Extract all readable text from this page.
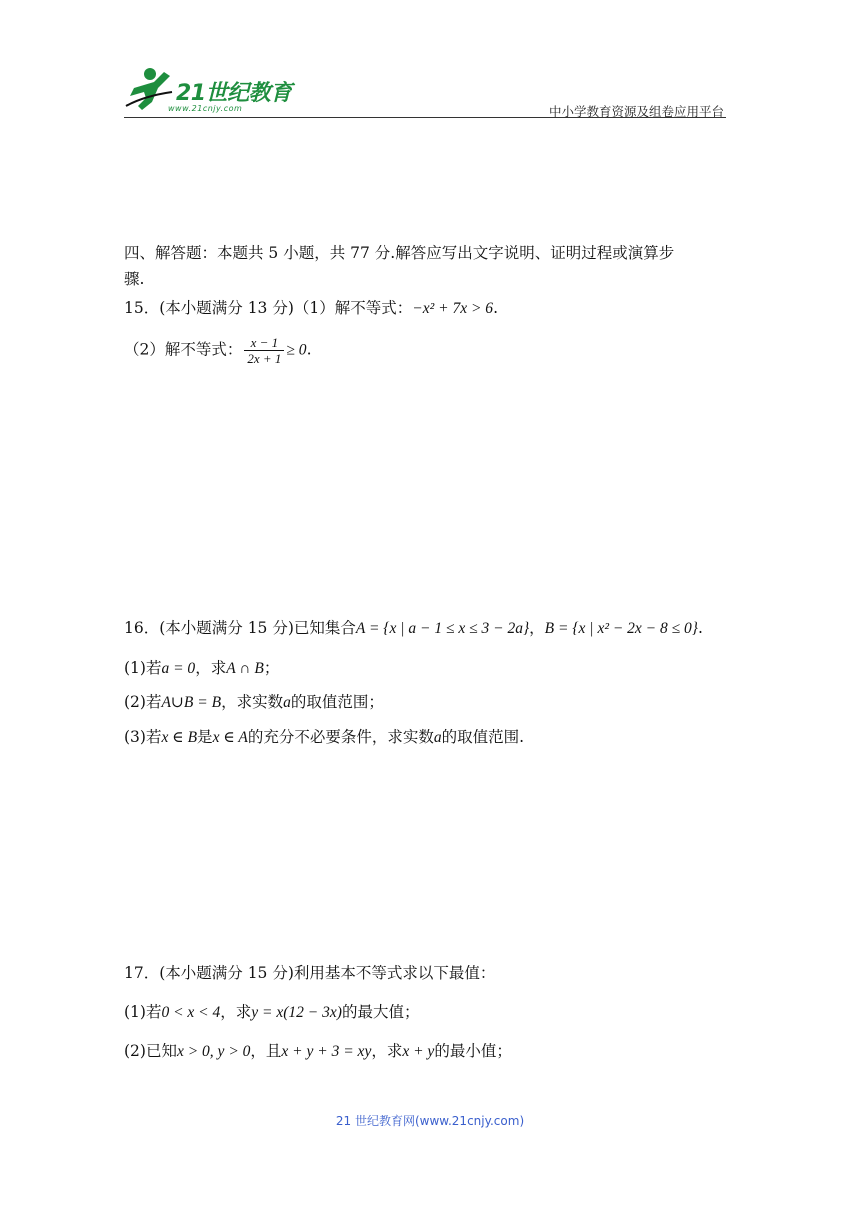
21世纪教育
www.21cnjy.com	中小学教育资源及组卷应用平台
四、解答题：本题共 5 小题，共 77 分.解答应写出文字说明、证明过程或演算步
骤.
15．(本小题满分 13 分)（1）解不等式：−x² + 7x > 6.
（2）解不等式： $\frac{x - 1}{2x + 1} \ge 0$.
16．(本小题满分 15 分)已知集合A = {x | a − 1 ≤ x ≤ 3 − 2a}，B = {x | x² − 2x − 8 ≤ 0}.
(1)若a = 0，求A ∩ B；
(2)若A∪B = B，求实数a的取值范围；
(3)若x ∈ B是x ∈ A的充分不必要条件，求实数a的取值范围.
17．(本小题满分 15 分)利用基本不等式求以下最值：
(1)若0 < x < 4，求y = x(12 − 3x)的最大值；
(2)已知x > 0, y > 0，且x + y + 3 = xy，求x + y的最小值；
21 世纪教育网(www.21cnjy.com)
